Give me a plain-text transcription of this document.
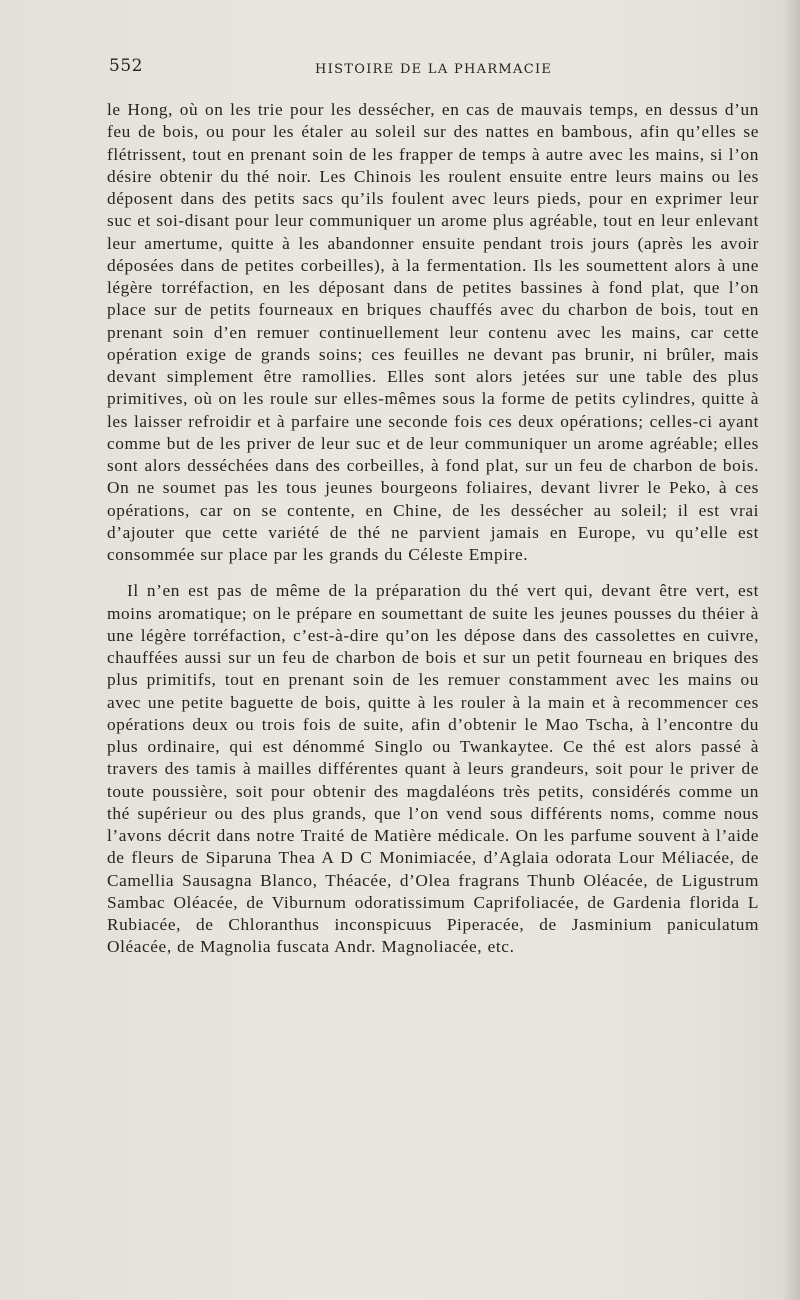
552	HISTOIRE DE LA PHARMACIE

le Hong, où on les trie pour les dessécher, en cas de mauvais temps, en dessus d’un feu de bois, ou pour les étaler au soleil sur des nattes en bambous, afin qu’elles se flétrissent, tout en prenant soin de les frapper de temps à autre avec les mains, si l’on désire obtenir du thé noir. Les Chinois les roulent ensuite entre leurs mains ou les déposent dans des petits sacs qu’ils foulent avec leurs pieds, pour en exprimer leur suc et soi-disant pour leur communiquer un arome plus agréable, tout en leur enlevant leur amertume, quitte à les abandonner ensuite pendant trois jours (après les avoir déposées dans de petites corbeilles), à la fermentation. Ils les soumettent alors à une légère torréfaction, en les déposant dans de petites bassines à fond plat, que l’on place sur de petits fourneaux en briques chauffés avec du charbon de bois, tout en prenant soin d’en remuer continuellement leur contenu avec les mains, car cette opération exige de grands soins; ces feuilles ne devant pas brunir, ni brûler, mais devant simplement être ramollies. Elles sont alors jetées sur une table des plus primitives, où on les roule sur elles-mêmes sous la forme de petits cylindres, quitte à les laisser refroidir et à parfaire une seconde fois ces deux opérations; celles-ci ayant comme but de les priver de leur suc et de leur communiquer un arome agréable; elles sont alors desséchées dans des corbeilles, à fond plat, sur un feu de charbon de bois. On ne soumet pas les tous jeunes bourgeons foliaires, devant livrer le Peko, à ces opérations, car on se contente, en Chine, de les dessécher au soleil; il est vrai d’ajouter que cette variété de thé ne parvient jamais en Europe, vu qu’elle est consommée sur place par les grands du Céleste Empire.

Il n’en est pas de même de la préparation du thé vert qui, devant être vert, est moins aromatique; on le prépare en soumettant de suite les jeunes pousses du théier à une légère torréfaction, c’est-à-dire qu’on les dépose dans des cassolettes en cuivre, chauffées aussi sur un feu de charbon de bois et sur un petit fourneau en briques des plus primitifs, tout en prenant soin de les remuer constamment avec les mains ou avec une petite baguette de bois, quitte à les rouler à la main et à recommencer ces opérations deux ou trois fois de suite, afin d’obtenir le Mao Tscha, à l’encontre du plus ordinaire, qui est dénommé Singlo ou Twankaytee. Ce thé est alors passé à travers des tamis à mailles différentes quant à leurs grandeurs, soit pour le priver de toute poussière, soit pour obtenir des magdaléons très petits, considérés comme un thé supérieur ou des plus grands, que l’on vend sous différents noms, comme nous l’avons décrit dans notre Traité de Matière médicale. On les parfume souvent à l’aide de fleurs de Siparuna Thea A D C Monimiacée, d’Aglaia odorata Lour Méliacée, de Camellia Sausagna Blanco, Théacée, d’Olea fragrans Thunb Oléacée, de Ligustrum Sambac Oléacée, de Viburnum odoratissimum Caprifoliacée, de Gardenia florida L Rubiacée, de Chloranthus inconspicuus Piperacée, de Jasminium paniculatum Oléacée, de Magnolia fuscata Andr. Magnoliacée, etc.
